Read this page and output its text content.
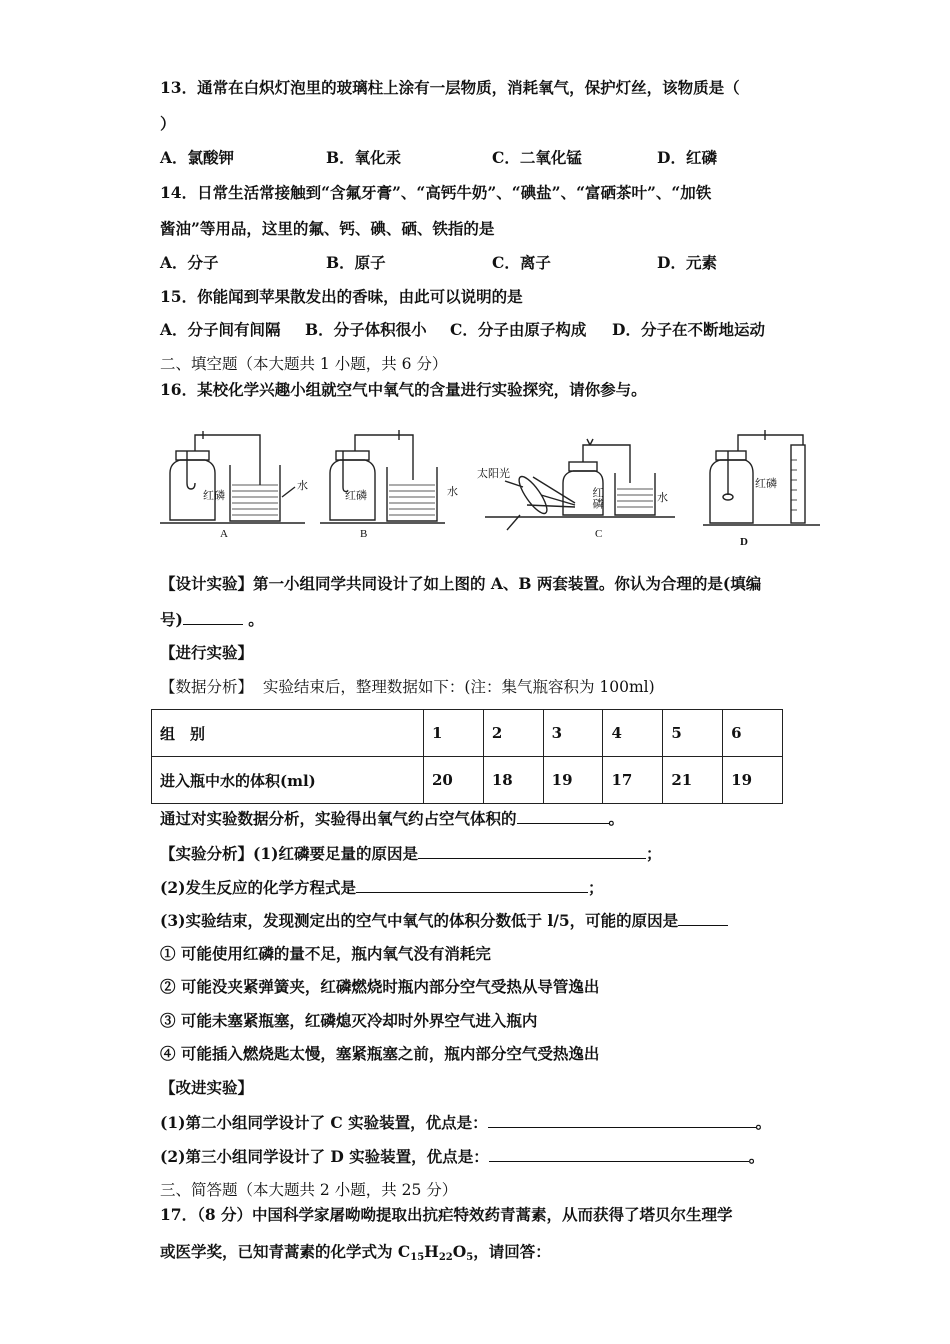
13．通常在白炽灯泡里的玻璃柱上涂有一层物质，消耗氧气，保护灯丝，该物质是（
）
A．氯酸钾	B．氧化汞	C．二氧化锰	D．红磷
14．日常生活常接触到“含氟牙膏”、“高钙牛奶”、“碘盐”、“富硒茶叶”、“加铁
酱油”等用品，这里的氟、钙、碘、硒、铁指的是
A．分子	B．原子	C．离子	D．元素
15．你能闻到苹果散发出的香味，由此可以说明的是
A．分子间有间隔 B．分子体积很小 C．分子由原子构成 D．分子在不断地运动
二、填空题（本大题共 1 小题，共 6 分）
16．某校化学兴趣小组就空气中氧气的含量进行实验探究，请你参与。
红磷
水
A
红磷	水
B
太阳光
红磷	水
C
红磷
D
【设计实验】第一小组同学共同设计了如上图的 A、B 两套装置。你认为合理的是(填编
号)	。
【进行实验】
【数据分析】 实验结束后，整理数据如下：(注：集气瓶容积为 100ml)
组　别	1	2	3	4	5	6
进入瓶中水的体积(ml)	20	18	19	17	21	19
通过对实验数据分析，实验得出氧气约占空气体积的	。
【实验分析】(1)红磷要足量的原因是	；
(2)发生反应的化学方程式是	；
(3)实验结束，发现测定出的空气中氧气的体积分数低于 l/5，可能的原因是
① 可能使用红磷的量不足，瓶内氧气没有消耗完
② 可能没夹紧弹簧夹，红磷燃烧时瓶内部分空气受热从导管逸出
③ 可能未塞紧瓶塞，红磷熄灭冷却时外界空气进入瓶内
④ 可能插入燃烧匙太慢，塞紧瓶塞之前，瓶内部分空气受热逸出
【改进实验】
(1)第二小组同学设计了 C 实验装置，优点是：	。
(2)第三小组同学设计了 D 实验装置，优点是：	。
三、简答题（本大题共 2 小题，共 25 分）
17．（8 分）中国科学家屠呦呦提取出抗疟特效药青蒿素，从而获得了塔贝尔生理学
或医学奖，已知青蒿素的化学式为 $C_{15}H_{22}O_5$，请回答：
